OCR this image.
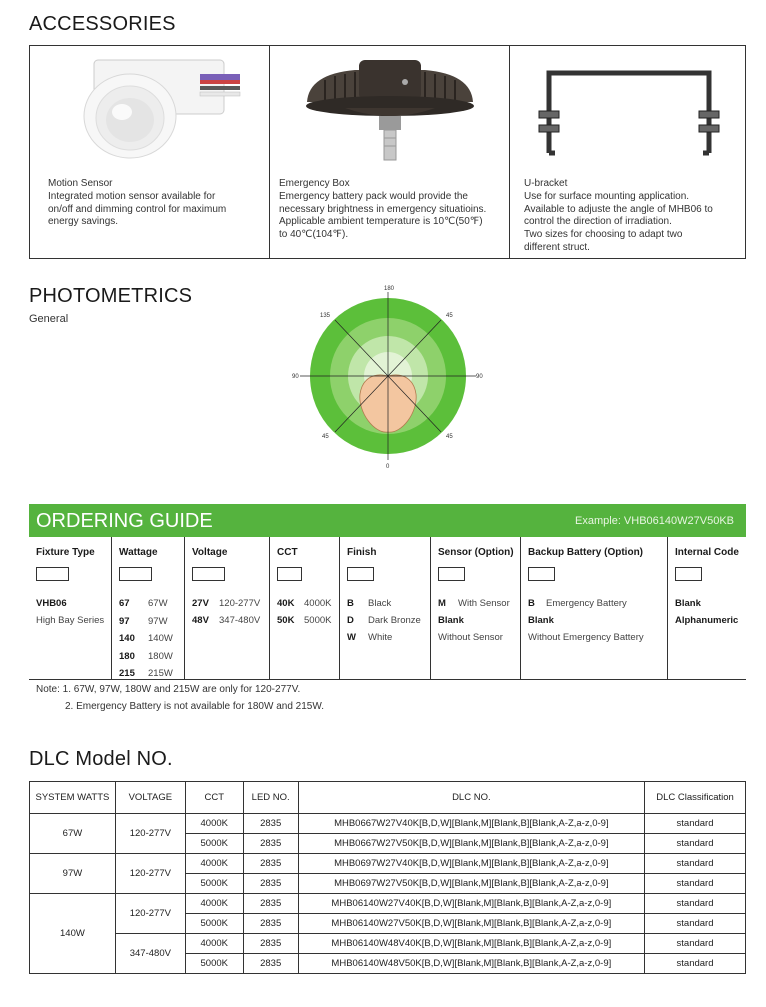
ACCESSORIES

Motion Sensor

Integrated motion sensor available for

on/off and dimming control for maximum

energy savings.

Emergency Box

Emergency battery pack would provide the

necessary brightness in emergency situatioins.

Applicable ambient temperature is 10℃(50℉)

to 40℃(104℉).

U-bracket

Use for surface mounting application.

Available to adjuste the angle of MHB06 to

control the direction of irradiation.

Two sizes for choosing to adapt two

different struct.

PHOTOMETRICS
General
180
135	45
90	90
45	45
0
ORDERING GUIDE	Example: VHB06140W27V50KB
Fixture Type
VHB06
High Bay Series
Wattage
67 67W
97 97W
140 140W
180 180W
215 215W
Voltage
27V 120-277V
48V 347-480V
CCT
40K 4000K
50K 5000K
Finish
B Black
D Dark Bronze
W White
Sensor (Option)
M With Sensor
Blank
Without Sensor
Backup Battery (Option)
B Emergency Battery
Blank
Without Emergency Battery
Internal Code
Blank
Alphanumeric
Note: 1. 67W, 97W, 180W and 215W are only for 120-277V.
2. Emergency Battery is not available for 180W and 215W.
DLC Model NO.
SYSTEM WATTS	VOLTAGE	CCT	LED NO.	DLC NO.	DLC Classification
67W	120-277V	4000K	2835	MHB0667W27V40K[B,D,W][Blank,M][Blank,B][Blank,A-Z,a-z,0-9]	standard
		5000K	2835	MHB0667W27V50K[B,D,W][Blank,M][Blank,B][Blank,A-Z,a-z,0-9]	standard
97W	120-277V	4000K	2835	MHB0697W27V40K[B,D,W][Blank,M][Blank,B][Blank,A-Z,a-z,0-9]	standard
		5000K	2835	MHB0697W27V50K[B,D,W][Blank,M][Blank,B][Blank,A-Z,a-z,0-9]	standard
140W	120-277V	4000K	2835	MHB06140W27V40K[B,D,W][Blank,M][Blank,B][Blank,A-Z,a-z,0-9]	standard
		5000K	2835	MHB06140W27V50K[B,D,W][Blank,M][Blank,B][Blank,A-Z,a-z,0-9]	standard
	347-480V	4000K	2835	MHB06140W48V40K[B,D,W][Blank,M][Blank,B][Blank,A-Z,a-z,0-9]	standard
		5000K	2835	MHB06140W48V50K[B,D,W][Blank,M][Blank,B][Blank,A-Z,a-z,0-9]	standard
